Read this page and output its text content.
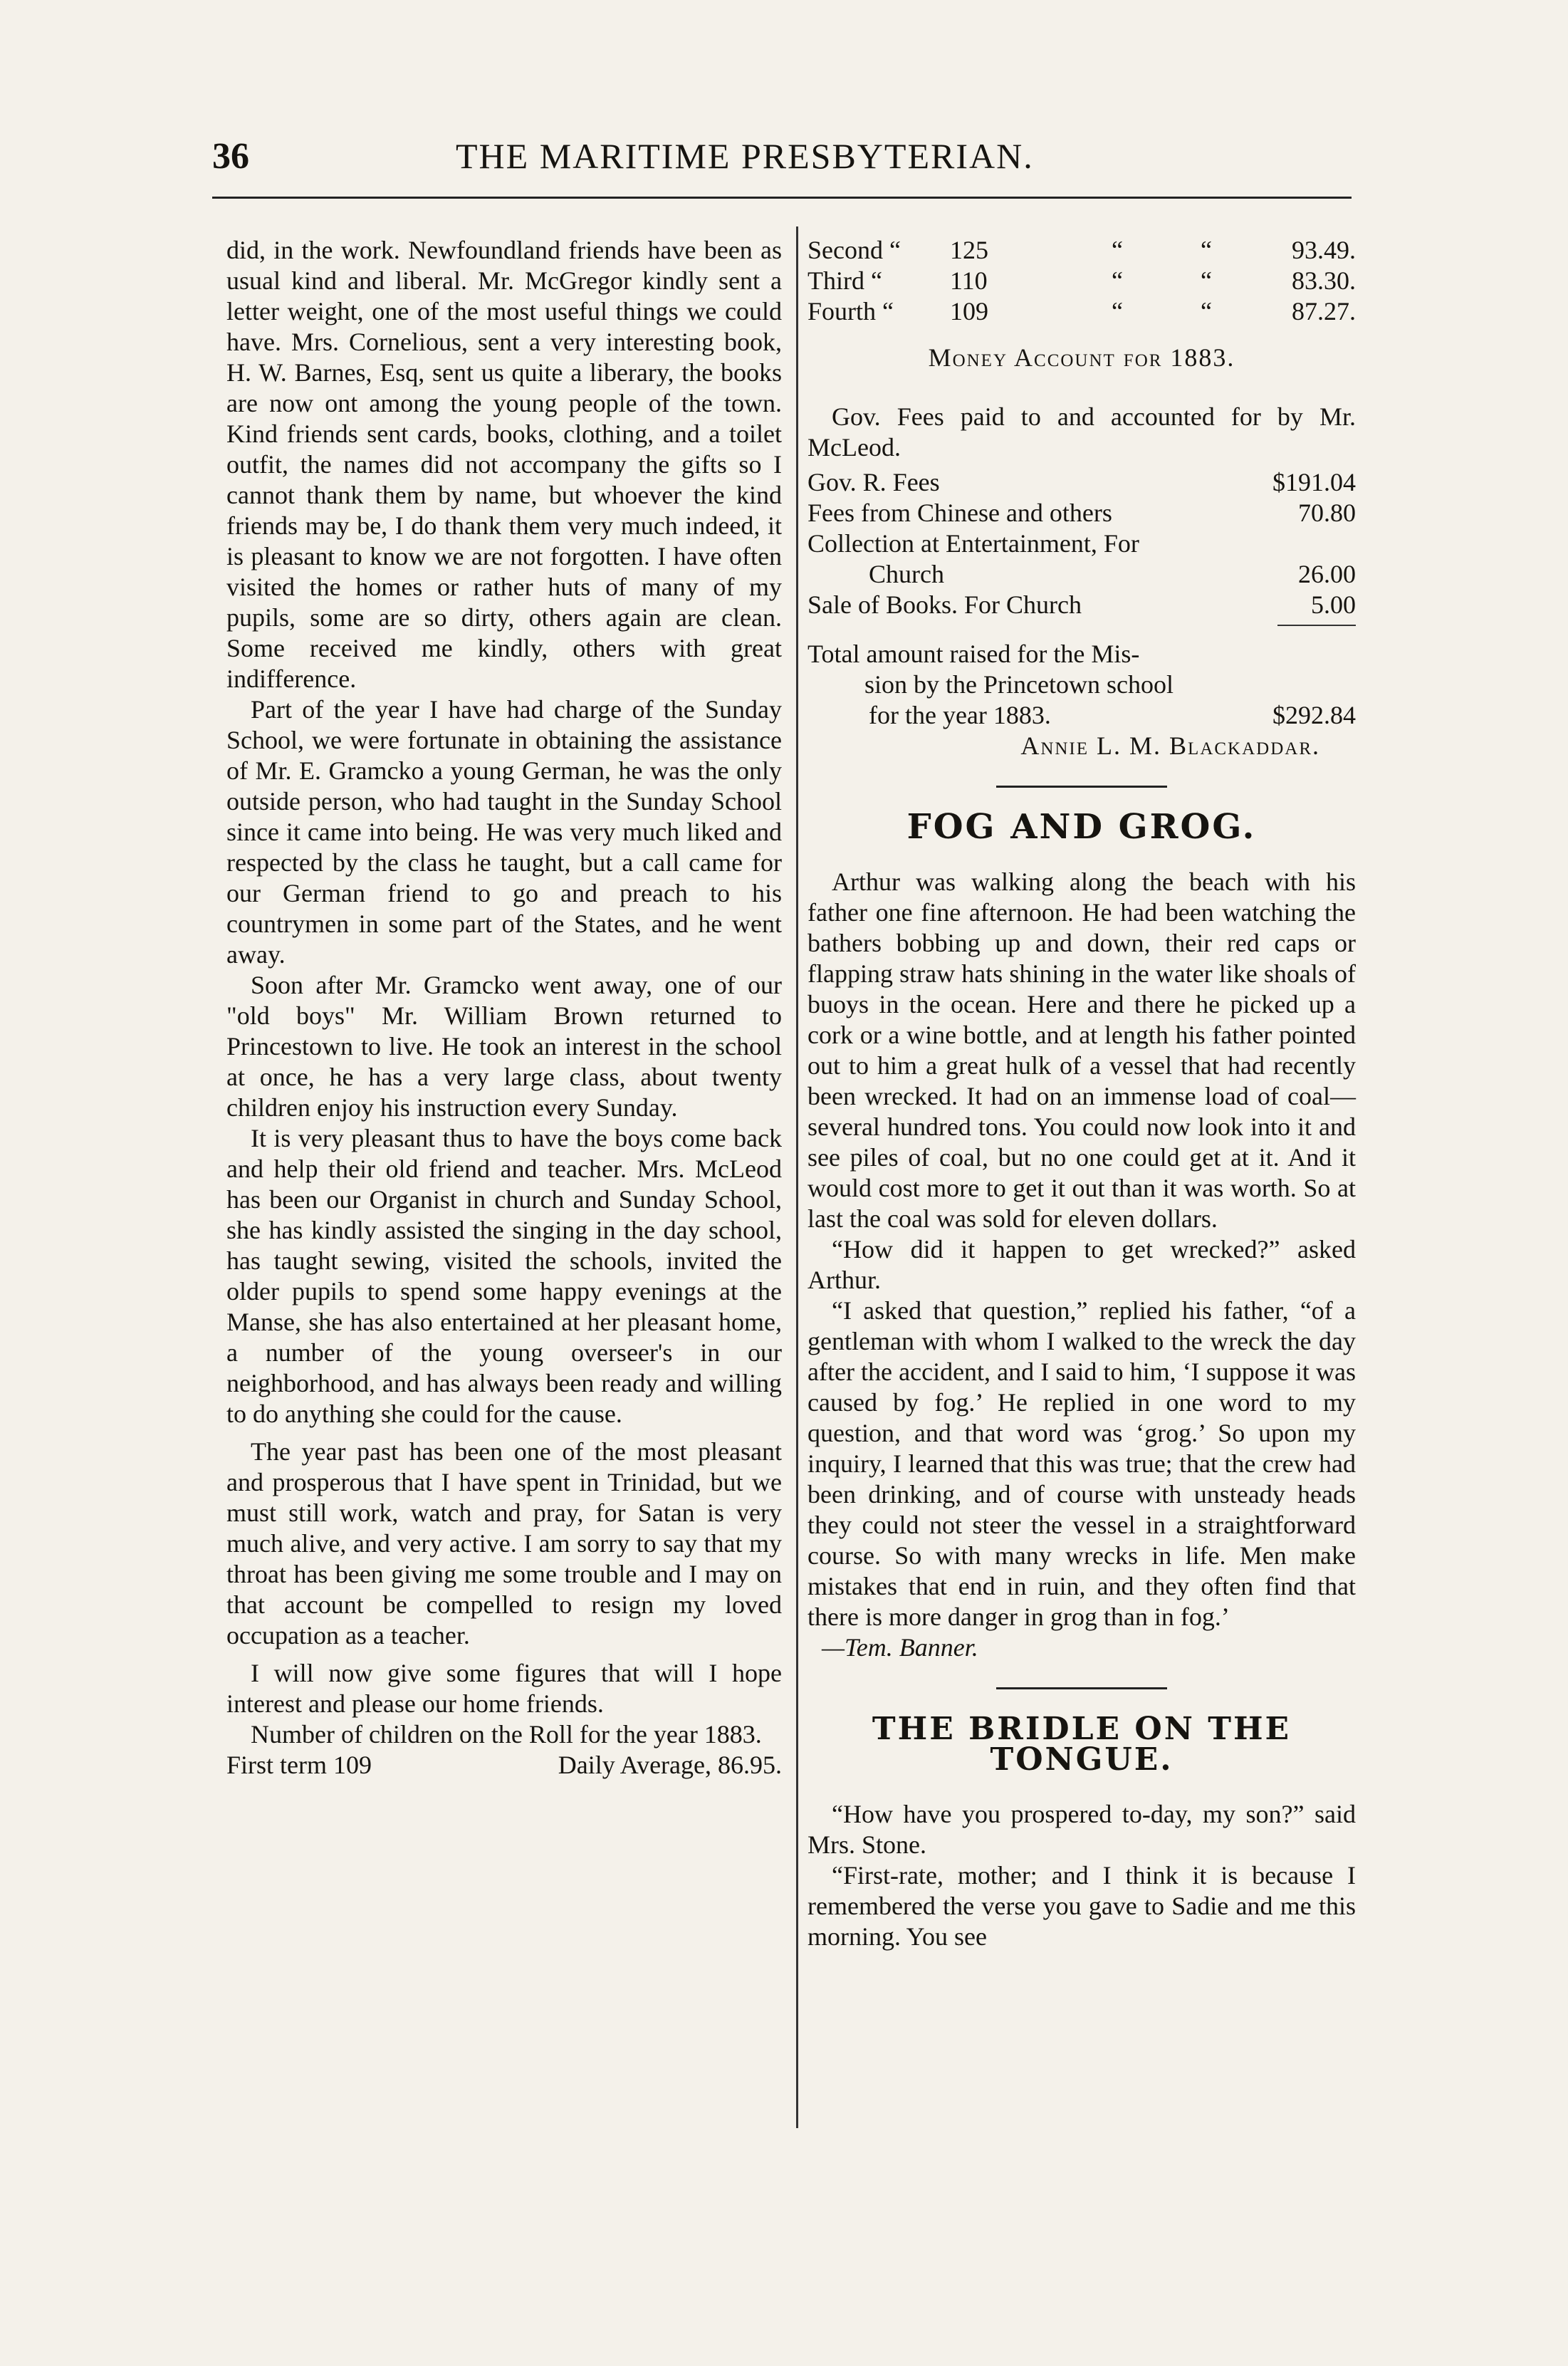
36	THE MARITIME PRESBYTERIAN.

did, in the work. Newfoundland friends have been as usual kind and liberal. Mr. McGregor kindly sent a letter weight, one of the most useful things we could have. Mrs. Cornelious, sent a very interesting book, H. W. Barnes, Esq, sent us quite a liberary, the books are now ont among the young people of the town. Kind friends sent cards, books, clothing, and a toilet outfit, the names did not accompany the gifts so I cannot thank them by name, but whoever the kind friends may be, I do thank them very much indeed, it is pleasant to know we are not forgotten. I have often visited the homes or rather huts of many of my pupils, some are so dirty, others again are clean. Some received me kindly, others with great indifference.

Part of the year I have had charge of the Sunday School, we were fortunate in obtaining the assistance of Mr. E. Gramcko a young German, he was the only outside person, who had taught in the Sunday School since it came into being. He was very much liked and respected by the class he taught, but a call came for our German friend to go and preach to his countrymen in some part of the States, and he went away.

Soon after Mr. Gramcko went away, one of our "old boys" Mr. William Brown returned to Princestown to live. He took an interest in the school at once, he has a very large class, about twenty children enjoy his instruction every Sunday.

It is very pleasant thus to have the boys come back and help their old friend and teacher. Mrs. McLeod has been our Organist in church and Sunday School, she has kindly assisted the singing in the day school, has taught sewing, visited the schools, invited the older pupils to spend some happy evenings at the Manse, she has also entertained at her pleasant home, a number of the young overseer's in our neighborhood, and has always been ready and willing to do anything she could for the cause.

The year past has been one of the most pleasant and prosperous that I have spent in Trinidad, but we must still work, watch and pray, for Satan is very much alive, and very active. I am sorry to say that my throat has been giving me some trouble and I may on that account be compelled to resign my loved occupation as a teacher.

I will now give some figures that will I hope interest and please our home friends.

Number of children on the Roll for the year 1883.

First term 109	Daily Average, 86.95.
Second “	125	“	“	93.49.
Third “	110	“	“	83.30.
Fourth “	109	“	“	87.27.

Money Account for 1883.

Gov. Fees paid to and accounted for by Mr. McLeod.

Gov. R. Fees	$191.04
Fees from Chinese and others	70.80

Collection at Entertainment, For

Church	26.00
Sale of Books. For Church	5.00

Total amount raised for the Mis-

sion by the Princetown school

for the year 1883.	$292.84

Annie L. M. Blackaddar.

FOG AND GROG.

Arthur was walking along the beach with his father one fine afternoon. He had been watching the bathers bobbing up and down, their red caps or flapping straw hats shining in the water like shoals of buoys in the ocean. Here and there he picked up a cork or a wine bottle, and at length his father pointed out to him a great hulk of a vessel that had recently been wrecked. It had on an immense load of coal—several hundred tons. You could now look into it and see piles of coal, but no one could get at it. And it would cost more to get it out than it was worth. So at last the coal was sold for eleven dollars.

“How did it happen to get wrecked?” asked Arthur.

“I asked that question,” replied his father, “of a gentleman with whom I walked to the wreck the day after the accident, and I said to him, ‘I suppose it was caused by fog.’ He replied in one word to my question, and that word was ‘grog.’ So upon my inquiry, I learned that this was true; that the crew had been drinking, and of course with unsteady heads they could not steer the vessel in a straightforward course. So with many wrecks in life. Men make mistakes that end in ruin, and they often find that there is more danger in grog than in fog.’

—Tem. Banner.

THE BRIDLE ON THE TONGUE.

“How have you prospered to-day, my son?” said Mrs. Stone.

“First-rate, mother; and I think it is because I remembered the verse you gave to Sadie and me this morning. You see
